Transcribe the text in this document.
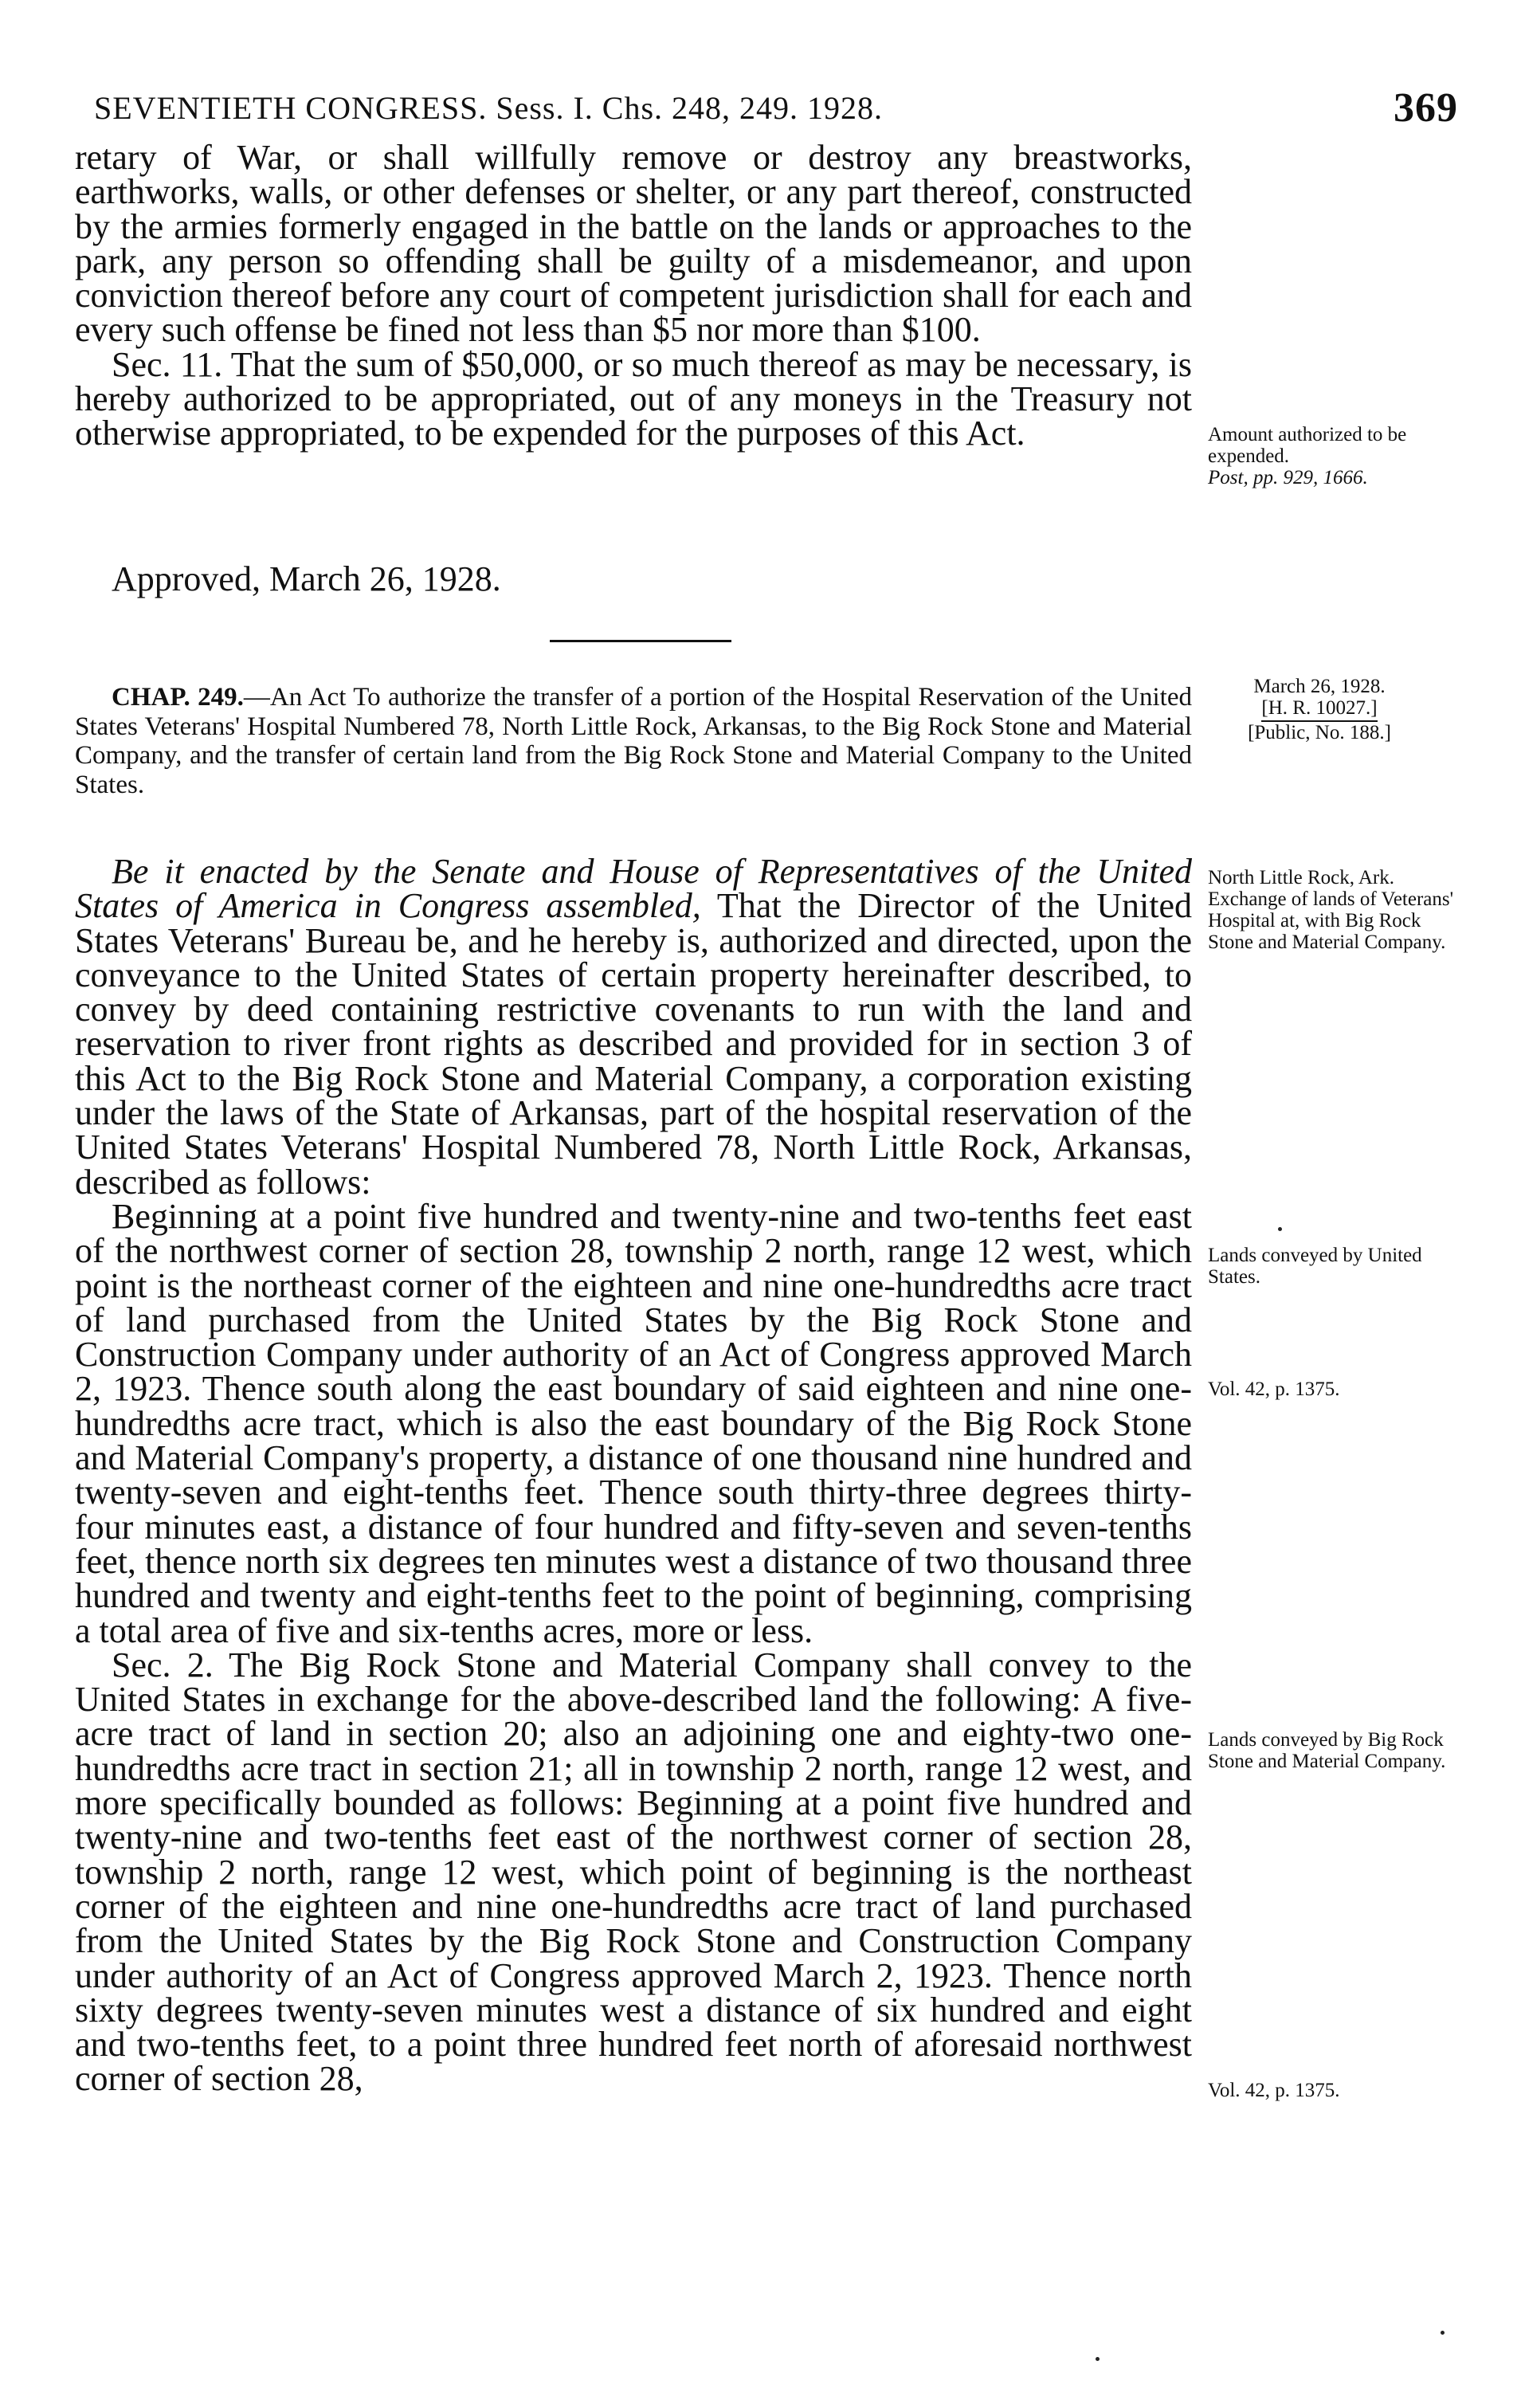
SEVENTIETH CONGRESS. Sess. I. Chs. 248, 249. 1928.	369

retary of War, or shall willfully remove or destroy any breastworks, earthworks, walls, or other defenses or shelter, or any part thereof, constructed by the armies formerly engaged in the battle on the lands or approaches to the park, any person so offending shall be guilty of a misdemeanor, and upon conviction thereof before any court of competent jurisdiction shall for each and every such offense be fined not less than $5 nor more than $100.

Sec. 11. That the sum of $50,000, or so much thereof as may be necessary, is hereby authorized to be appropriated, out of any moneys in the Treasury not otherwise appropriated, to be expended for the purposes of this Act.

Approved, March 26, 1928.

CHAP. 249.—An Act To authorize the transfer of a portion of the Hospital Reservation of the United States Veterans' Hospital Numbered 78, North Little Rock, Arkansas, to the Big Rock Stone and Material Company, and the transfer of certain land from the Big Rock Stone and Material Company to the United States.

Be it enacted by the Senate and House of Representatives of the United States of America in Congress assembled, That the Director of the United States Veterans' Bureau be, and he hereby is, authorized and directed, upon the conveyance to the United States of certain property hereinafter described, to convey by deed containing restrictive covenants to run with the land and reservation to river front rights as described and provided for in section 3 of this Act to the Big Rock Stone and Material Company, a corporation existing under the laws of the State of Arkansas, part of the hospital reservation of the United States Veterans' Hospital Numbered 78, North Little Rock, Arkansas, described as follows:

Beginning at a point five hundred and twenty-nine and two-tenths feet east of the northwest corner of section 28, township 2 north, range 12 west, which point is the northeast corner of the eighteen and nine one-hundredths acre tract of land purchased from the United States by the Big Rock Stone and Construction Company under authority of an Act of Congress approved March 2, 1923. Thence south along the east boundary of said eighteen and nine one-hundredths acre tract, which is also the east boundary of the Big Rock Stone and Material Company's property, a distance of one thousand nine hundred and twenty-seven and eight-tenths feet. Thence south thirty-three degrees thirty-four minutes east, a distance of four hundred and fifty-seven and seven-tenths feet, thence north six degrees ten minutes west a distance of two thousand three hundred and twenty and eight-tenths feet to the point of beginning, comprising a total area of five and six-tenths acres, more or less.

Sec. 2. The Big Rock Stone and Material Company shall convey to the United States in exchange for the above-described land the following: A five-acre tract of land in section 20; also an adjoining one and eighty-two one-hundredths acre tract in section 21; all in township 2 north, range 12 west, and more specifically bounded as follows: Beginning at a point five hundred and twenty-nine and two-tenths feet east of the northwest corner of section 28, township 2 north, range 12 west, which point of beginning is the northeast corner of the eighteen and nine one-hundredths acre tract of land purchased from the United States by the Big Rock Stone and Construction Company under authority of an Act of Congress approved March 2, 1923. Thence north sixty degrees twenty-seven minutes west a distance of six hundred and eight and two-tenths feet, to a point three hundred feet north of aforesaid northwest corner of section 28,

Amount authorized to be expended.
Post, pp. 929, 1666.
March 26, 1928.
[H. R. 10027.]
[Public, No. 188.]
North Little Rock, Ark.
Exchange of lands of Veterans' Hospital at, with Big Rock Stone and Material Company.
Lands conveyed by United States.
Vol. 42, p. 1375.
Lands conveyed by Big Rock Stone and Material Company.
Vol. 42, p. 1375.
